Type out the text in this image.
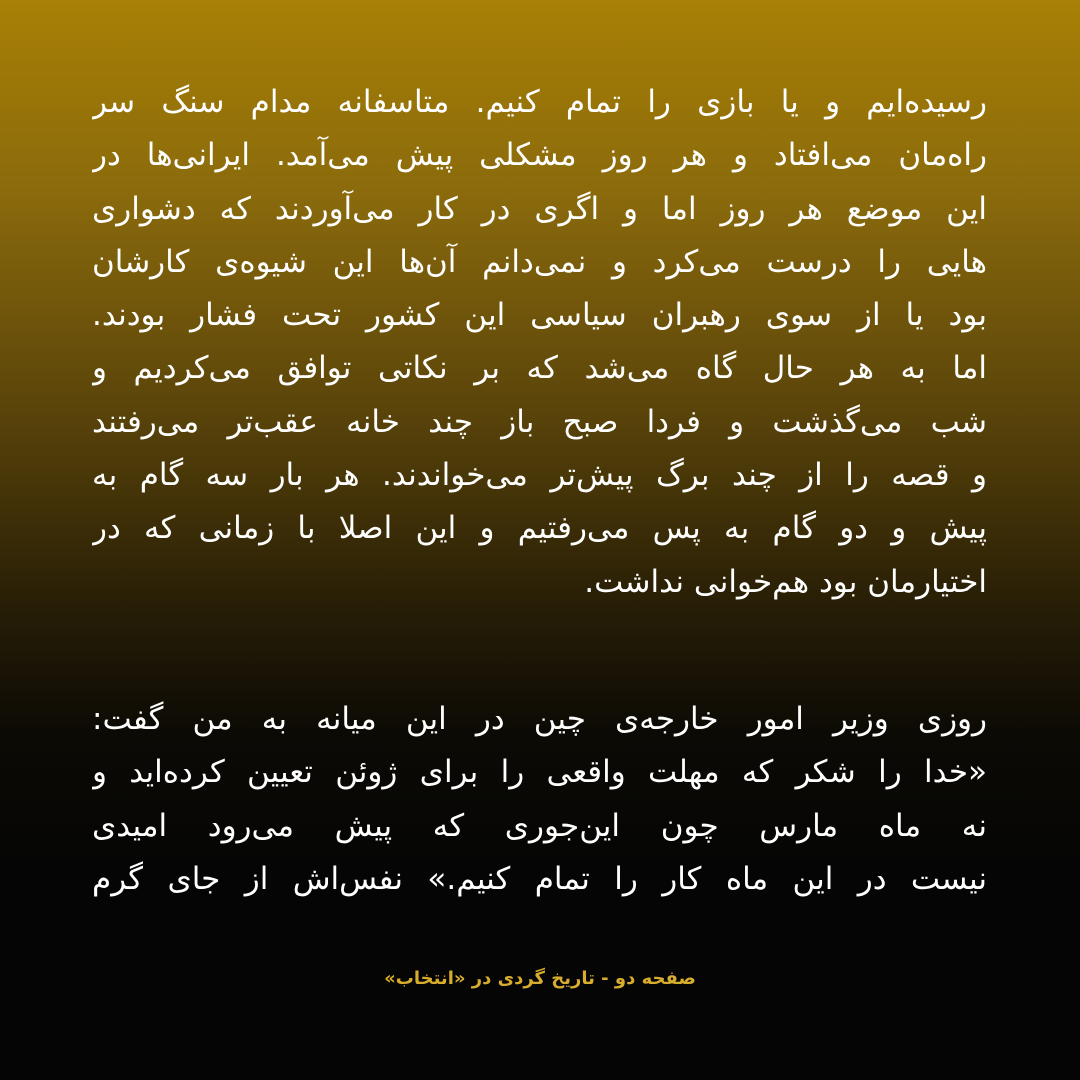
رسیده‌ایم و یا بازی را تمام کنیم. متاسفانه مدام سنگ سر
راه‌مان می‌افتاد و هر روز مشکلی پیش می‌آمد. ایرانی‌ها در
این موضع هر روز اما و اگری در کار می‌آوردند که دشواری
هایی را درست می‌کرد و نمی‌دانم آن‌ها این شیوه‌ی کارشان
بود یا از سوی رهبران سیاسی این کشور تحت فشار بودند.
اما به هر حال گاه می‌شد که بر نکاتی توافق می‌کردیم و
شب می‌گذشت و فردا صبح باز چند خانه عقب‌تر می‌رفتند
و قصه را از چند برگ پیش‌تر می‌خواندند. هر بار سه گام به
پیش و دو گام به پس می‌رفتیم و این اصلا با زمانی که در
اختیارمان بود هم‌خوانی نداشت.
روزی وزیر امور خارجه‌ی چین در این میانه به من گفت:
«خدا را شکر که مهلت واقعی را برای ژوئن تعیین کرده‌اید و
نه ماه مارس چون این‌جوری که پیش می‌رود امیدی
نیست در این ماه کار را تمام کنیم.» نفس‌اش از جای گرم
صفحه دو - تاریخ گردی در «انتخاب»
